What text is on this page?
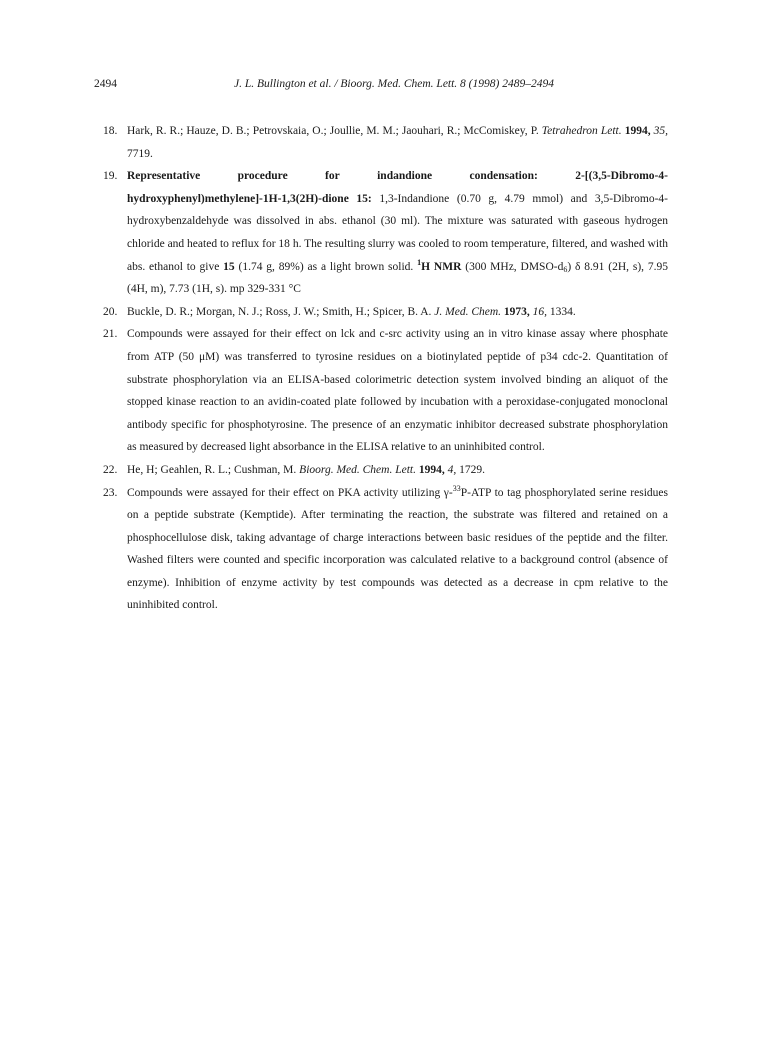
2494	J. L. Bullington et al. / Bioorg. Med. Chem. Lett. 8 (1998) 2489–2494

18. Hark, R. R.; Hauze, D. B.; Petrovskaia, O.; Joullie, M. M.; Jaouhari, R.; McComiskey, P. Tetrahedron Lett. 1994, 35, 7719.

19. Representative	procedure	for	indandione	condensation:	2-[(3,5-Dibromo-4-
hydroxyphenyl)methylene]-1H-1,3(2H)-dione 15: 1,3-Indandione (0.70 g, 4.79 mmol) and 3,5-Dibromo-4-hydroxybenzaldehyde was dissolved in abs. ethanol (30 ml). The mixture was saturated with gaseous hydrogen chloride and heated to reflux for 18 h. The resulting slurry was cooled to room temperature, filtered, and washed with abs. ethanol to give 15 (1.74 g, 89%) as a light brown solid. $^1$H NMR (300 MHz, DMSO-$d_6$) δ 8.91 (2H, s), 7.95 (4H, m), 7.73 (1H, s). mp 329-331 °C

20. Buckle, D. R.; Morgan, N. J.; Ross, J. W.; Smith, H.; Spicer, B. A. J. Med. Chem. 1973, 16, 1334.

21. Compounds were assayed for their effect on lck and c-src activity using an in vitro kinase assay where phosphate from ATP (50 μM) was transferred to tyrosine residues on a biotinylated peptide of p34 cdc-2. Quantitation of substrate phosphorylation via an ELISA-based colorimetric detection system involved binding an aliquot of the stopped kinase reaction to an avidin-coated plate followed by incubation with a peroxidase-conjugated monoclonal antibody specific for phosphotyrosine. The presence of an enzymatic inhibitor decreased substrate phosphorylation as measured by decreased light absorbance in the ELISA relative to an uninhibited control.

22. He, H; Geahlen, R. L.; Cushman, M. Bioorg. Med. Chem. Lett. 1994, 4, 1729.

23. Compounds were assayed for their effect on PKA activity utilizing γ-$^{33}$P-ATP to tag phosphorylated serine residues on a peptide substrate (Kemptide). After terminating the reaction, the substrate was filtered and retained on a phosphocellulose disk, taking advantage of charge interactions between basic residues of the peptide and the filter. Washed filters were counted and specific incorporation was calculated relative to a background control (absence of enzyme). Inhibition of enzyme activity by test compounds was detected as a decrease in cpm relative to the uninhibited control.
